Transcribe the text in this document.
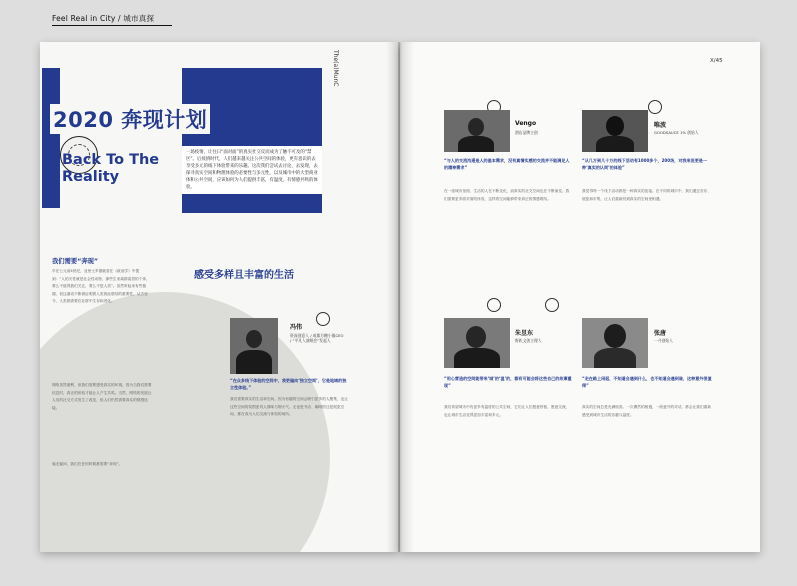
Feel Real in City / 城市真探
The(a)MunC
2020 奔现计划
Back To The Reality
一场疫情，让往日“面对面”的真实社交反而成为了触不可及的“禁区”。后疫情时代，人们越来越关注公共空间的体验，更有意识的去享受多元的线下体验带来的乐趣。这次我们尝试去讨论，去发现，去探寻真实空间和物理体验的必要性与多元性，以及城市中的大型商业体和公共空间，应该如何为人们提供丰富，有温度，有情感共鸣的体验。
我们需要“奔现”
早在公元前4世纪，亚里士多德就曾在《政治学》中提到：“人的天性就是社会性动物，那些生来离群索居的个体，要么不值得我们关注，要么不是人类”。虽然听起来有些极端，但这番话不断被证明着人类彼此联结的重要性。从古至今，人类都需要在社群中生存和进化。
网络虽然便利，但我们需要感受真实的环境。因为当我们需要信息时，真正的体验才能让人产生共鸣。当然，网络的发展让人们的社交方式发生了改变，但人们仍然需要真实的情感连接。
毫无疑问，我们在任何时候都需要“奔现”。
感受多样且丰富的生活
冯伟
资深创意人 / 成都方糖小镇CEO / “平凡人演唱会”发起人
“在众多线下体验的空间中，我更偏向‘独立空间’，它是地域的独立性体验。”
我们需要真实的生活和空间。因为有趣的空间会吸引更多的人聚集，也让这些空间的氛围更具人情味与烟火气。无论是书店、咖啡馆还是展览空间，都在成为人们交流与体验的场所。
X/45
Vengo
酒店品牌主创
“与人的交流沟通是人的基本需求，没有真情实感的交流并不能满足人的精神需求”
在一座城市里面，生活的人在不断变化，而真实的社交空间也在不断演变。我们需要更多面对面的体验，这样的空间能够带来真正的情感联结。
唯波
GOODSAUCE 1% 创始人
“从几万到几十万的线下活动有1000多个，200场，对我来说更是一种‘真实的认同’的体验”
我觉得每一个线下活动都是一种真实的连接。在不同的城市中，我们通过音乐、展览和市集，让人们重新回到真实的空间里相遇。
朱昱东
野趴文创主理人
“用心营造的空间能带来‘城’的‘温’的，都有可能会将这些自己的故事重现”
我们希望城市中有更多有温度的公共空间，它们让人们愿意停留，愿意交流，也让城市生活变得更加丰富和多元。
张唐
一介创始人
“走在路上闲逛，不知道会遇到什么，也不知道会遇到谁，这种意外很值得”
真实的空间总是充满惊喜。一次偶然的相遇，一段意外的对话，都会让我们重新感受到城市生活的乐趣与温度。
